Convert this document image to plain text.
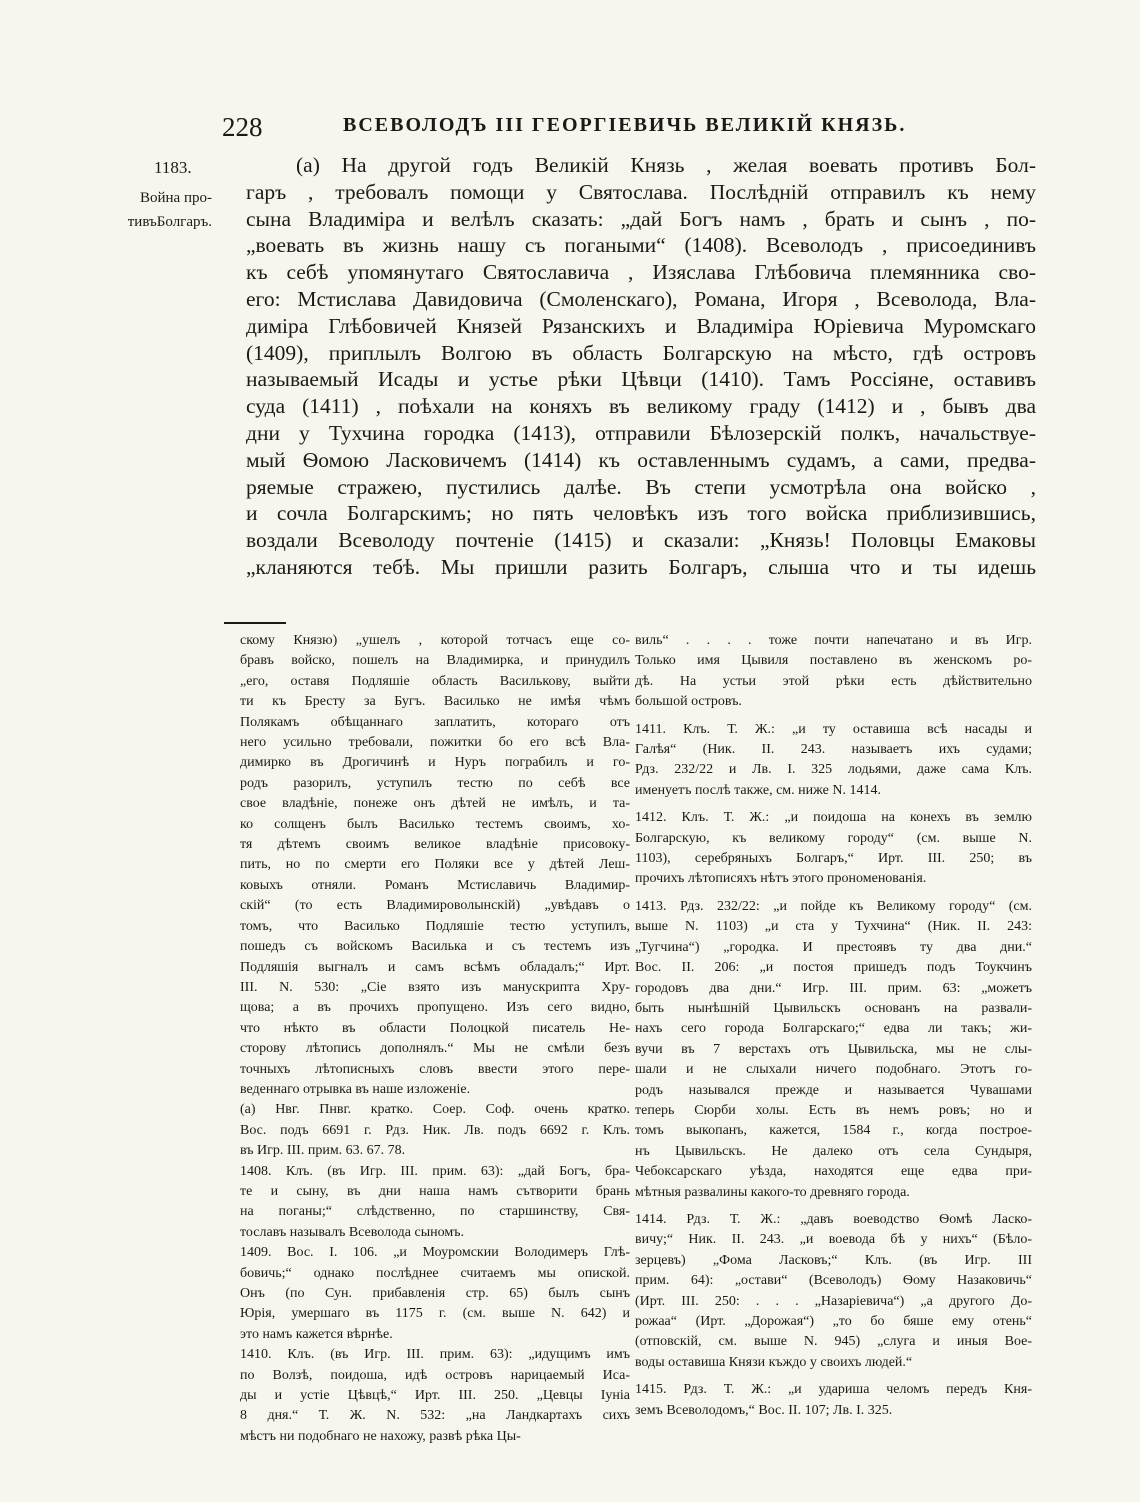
228	ВСЕВОЛОДЪ III ГЕОРГІЕВИЧЬ ВЕЛИКІЙ КНЯЗЬ.
1183.
Война про-
тивъБолгаръ.
(а) На другой годъ Великій Князь , желая воевать противъ Бол-
гаръ , требовалъ помощи у Святослава. Послѣдній отправилъ къ нему
сына Владиміра и велѣлъ сказать: „дай Богъ намъ , брать и сынъ , по-
„воевать въ жизнь нашу съ погаными“ (1408). Всеволодъ , присоединивъ
къ себѣ упомянутаго Святославича , Изяслава Глѣбовича племянника сво-
его: Мстислава Давидовича (Смоленскаго), Романа, Игоря , Всеволода, Вла-
диміра Глѣбовичей Князей Рязанскихъ и Владиміра Юріевича Муромскаго
(1409), приплылъ Волгою въ область Болгарскую на мѣсто, гдѣ островъ
называемый Исады и устье рѣки Цѣвци (1410). Тамъ Россіяне, оставивъ
суда (1411) , поѣхали на коняхъ въ великому граду (1412) и , бывъ два
дни у Тухчина городка (1413), отправили Бѣлозерскій полкъ, начальствуе-
мый Ѳомою Ласковичемъ (1414) къ оставленнымъ судамъ, а сами, предва-
ряемые стражею, пустились далѣе. Въ степи усмотрѣла она войско ,
и сочла Болгарскимъ; но пять человѣкъ изъ того войска приблизившись,
воздали Всеволоду почтеніе (1415) и сказали: „Князь! Половцы Емаковы
„кланяются тебѣ. Мы пришли разить Болгаръ, слыша что и ты идешь
скому Князю) „ушелъ , которой тотчасъ еще со-
бравъ войско, пошелъ на Владимирка, и принудилъ
„его, оставя Подляшіе область Василькову, выйти
ти къ Бресту за Бугъ. Василько не имѣя чѣмъ
Полякамъ обѣщаннаго заплатить, котораго отъ
него усильно требовали, пожитки бо его всѣ Вла-
димирко въ Дрогичинѣ и Нуръ пограбилъ и го-
родъ разорилъ, уступилъ тестю по себѣ все
свое владѣніе, понеже онъ дѣтей не имѣлъ, и та-
ко солщенъ былъ Василько тестемъ своимъ, хо-
тя дѣтемъ своимъ великое владѣніе присовоку-
пить, но по смерти его Поляки все у дѣтей Леш-
ковыхъ отняли. Романъ Мстиславичь Владимир-
скій“ (то есть Владимироволынскій) „увѣдавъ о
томъ, что Василько Подляшіе тестю уступилъ,
пошедъ съ войскомъ Василька и съ тестемъ изъ
Подляшія выгналъ и самъ всѣмъ обладалъ;“ Ирт.
III. N. 530: „Сіе взято изъ манускрипта Хру-
щова; а въ прочихъ пропущено. Изъ сего видно,
что нѣкто въ области Полоцкой писатель Не-
сторову лѣтопись дополнялъ.“ Мы не смѣли безъ
точныхъ лѣтописныхъ словъ ввести этого пере-
веденнаго отрывка въ наше изложеніе.
(а) Нвг. Пнвг. кратко. Соер. Соф. очень кратко.
Вос. подъ 6691 г. Рдз. Ник. Лв. подъ 6692 г. Клъ.
въ Игр. III. прим. 63. 67. 78.
1408. Клъ. (въ Игр. III. прим. 63): „дай Богъ, бра-
те и сыну, въ дни наша намъ сътворити брань
на поганы;“ слѣдственно, по старшинству, Свя-
тославъ называлъ Всеволода сыномъ.
1409. Вос. I. 106. „и Моуромскии Володимеръ Глѣ-
бовичь;“ однако послѣднее считаемъ мы опиской.
Онъ (по Сун. прибавленія стр. 65) былъ сынъ
Юрія, умершаго въ 1175 г. (см. выше N. 642) и
это намъ кажется вѣрнѣе.
1410. Клъ. (въ Игр. III. прим. 63): „идущимъ имъ
по Волзѣ, поидоша, идѣ островъ нарицаемый Иса-
ды и устіе Цѣвцѣ,“ Ирт. III. 250. „Цевцы Іуніа
8 дня.“ Т. Ж. N. 532: „на Ландкартахъ сихъ
мѣстъ ни подобнаго не нахожу, развѣ рѣка Цы-
виль“ . . . . тоже почти напечатано и въ Игр.
Только имя Цывиля поставлено въ женскомъ ро-
дѣ. На устьи этой рѣки есть дѣйствительно
большой островъ.
1411. Клъ. Т. Ж.: „и ту оставиша всѣ насады и
Галѣя“ (Ник. II. 243. называетъ ихъ судами;
Рдз. 232/22 и Лв. I. 325 лодьями, даже сама Клъ.
именуетъ послѣ также, см. ниже N. 1414.
1412. Клъ. Т. Ж.: „и поидоша на конехъ въ землю
Болгарскую, къ великому городу“ (см. выше N.
1103), серебряныхъ Болгаръ,“ Ирт. III. 250; въ
прочихъ лѣтописяхъ нѣтъ этого прономенованія.
1413. Рдз. 232/22: „и пойде къ Великому городу“ (см.
выше N. 1103) „и ста у Тухчина“ (Ник. II. 243:
„Тугчина“) „городка. И престоявъ ту два дни.“
Вос. II. 206: „и постоя пришедъ подъ Тоукчинъ
городовъ два дни.“ Игр. III. прим. 63: „можетъ
быть нынѣшній Цывильскъ основанъ на развали-
нахъ сего города Болгарскаго;“ едва ли такъ; жи-
вучи въ 7 верстахъ отъ Цывильска, мы не слы-
шали и не слыхали ничего подобнаго. Этотъ го-
родъ назывался прежде и называется Чувашами
теперь Сюрби холы. Есть въ немъ ровъ; но и
томъ выкопанъ, кажется, 1584 г., когда построе-
нъ Цывильскъ. Не далеко отъ села Сундыря,
Чебоксарскаго уѣзда, находятся еще едва при-
мѣтныя развалины какого-то древняго города.
1414. Рдз. Т. Ж.: „давъ воеводство Ѳомѣ Ласко-
вичу;“ Ник. II. 243. „и воевода бѣ у нихъ“ (Бѣло-
зерцевъ) „Фома Ласковъ;“ Клъ. (въ Игр. III
прим. 64): „остави“ (Всеволодъ) Ѳому Назаковичь“
(Ирт. III. 250: . . . „Назаріевича“) „а другого До-
рожаа“ (Ирт. „Дорожая“) „то бо бяше ему отень“
(отповскій, см. выше N. 945) „слуга и иныя Вое-
воды оставиша Князи къждо у своихъ людей.“
1415. Рдз. Т. Ж.: „и удариша челомъ передъ Кня-
земъ Всеволодомъ,“ Вос. II. 107; Лв. I. 325.
